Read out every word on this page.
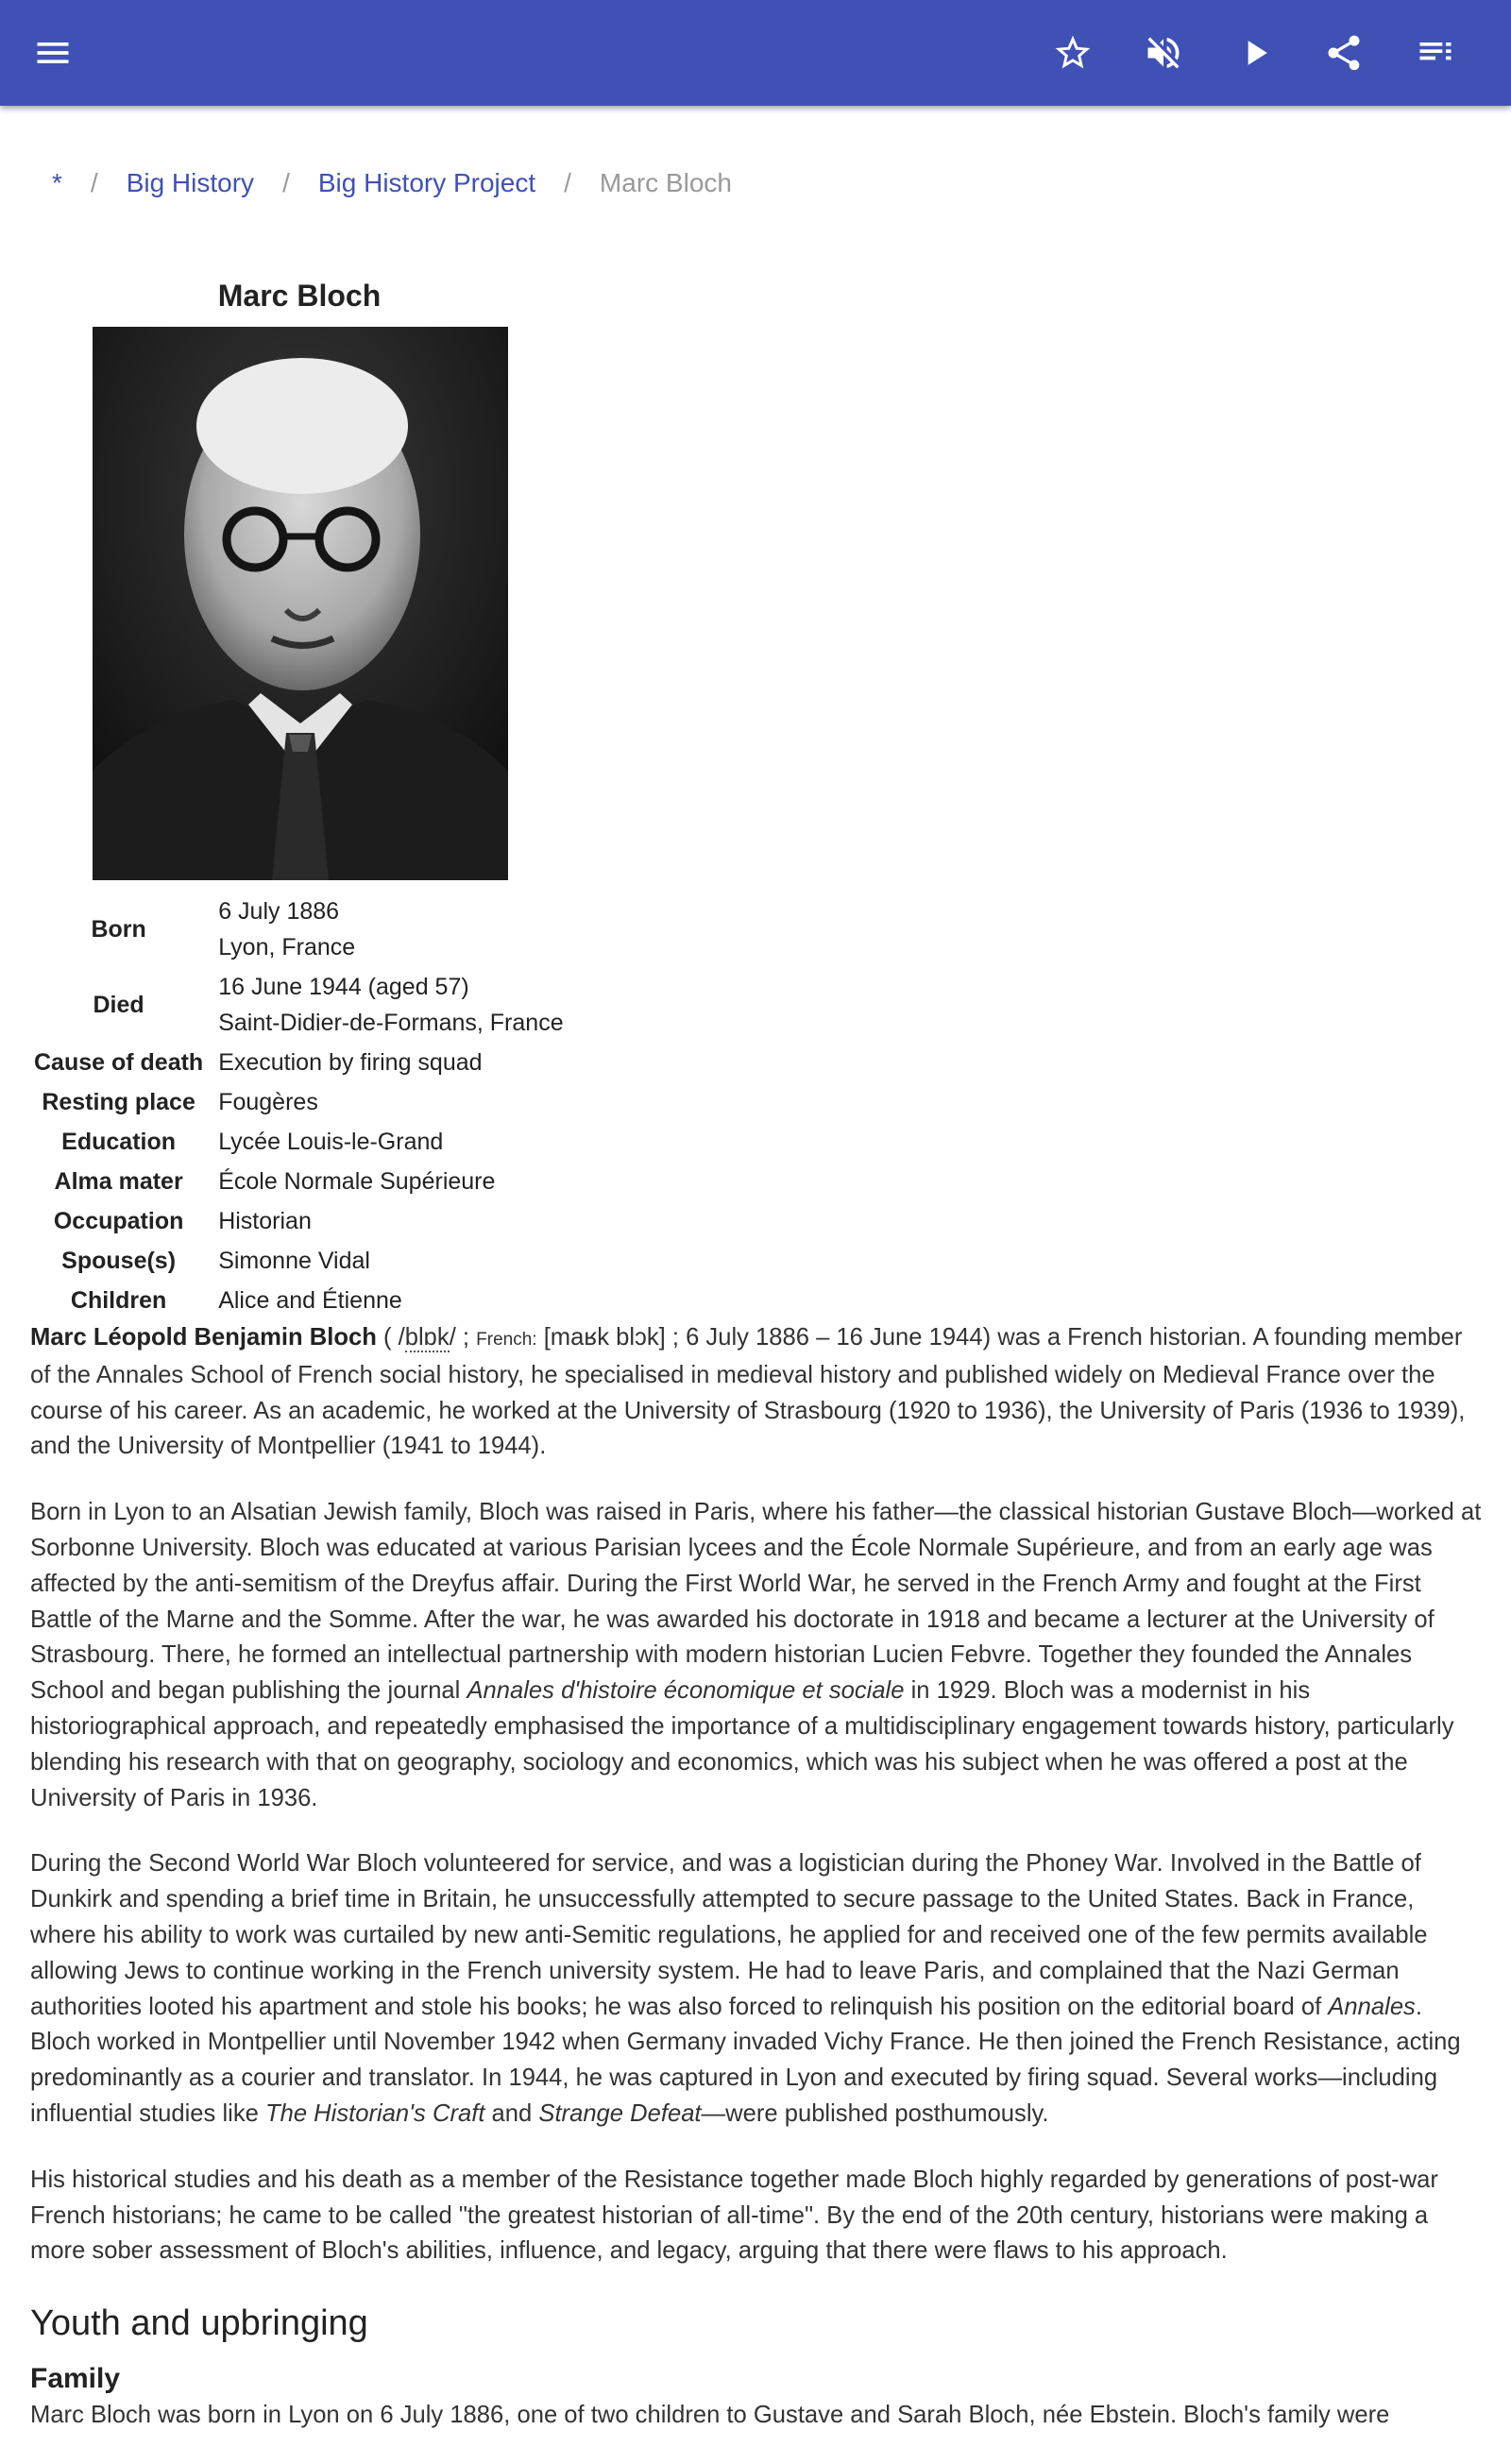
* / Big History / Big History Project / Marc Bloch
Marc Bloch
Born	6 July 1886
Lyon, France

Died	16 June 1944 (aged 57)
Saint-Didier-de-Formans, France

Cause of death	Execution by firing squad
Resting place	Fougères
Education	Lycée Louis-le-Grand
Alma mater	École Normale Supérieure
Occupation	Historian
Spouse(s)	Simonne Vidal
Children	Alice and Étienne

Marc Léopold Benjamin Bloch ( /blɒk/ ; French: [maʁk blɔk] ; 6 July 1886 – 16 June 1944) was a French historian. A founding member of the Annales School of French social history, he specialised in medieval history and published widely on Medieval France over the course of his career. As an academic, he worked at the University of Strasbourg (1920 to 1936), the University of Paris (1936 to 1939), and the University of Montpellier (1941 to 1944).

Born in Lyon to an Alsatian Jewish family, Bloch was raised in Paris, where his father—the classical historian Gustave Bloch—worked at Sorbonne University. Bloch was educated at various Parisian lycees and the École Normale Supérieure, and from an early age was affected by the anti-semitism of the Dreyfus affair. During the First World War, he served in the French Army and fought at the First Battle of the Marne and the Somme. After the war, he was awarded his doctorate in 1918 and became a lecturer at the University of Strasbourg. There, he formed an intellectual partnership with modern historian Lucien Febvre. Together they founded the Annales School and began publishing the journal Annales d'histoire économique et sociale in 1929. Bloch was a modernist in his historiographical approach, and repeatedly emphasised the importance of a multidisciplinary engagement towards history, particularly blending his research with that on geography, sociology and economics, which was his subject when he was offered a post at the University of Paris in 1936.

During the Second World War Bloch volunteered for service, and was a logistician during the Phoney War. Involved in the Battle of Dunkirk and spending a brief time in Britain, he unsuccessfully attempted to secure passage to the United States. Back in France, where his ability to work was curtailed by new anti-Semitic regulations, he applied for and received one of the few permits available allowing Jews to continue working in the French university system. He had to leave Paris, and complained that the Nazi German authorities looted his apartment and stole his books; he was also forced to relinquish his position on the editorial board of Annales. Bloch worked in Montpellier until November 1942 when Germany invaded Vichy France. He then joined the French Resistance, acting predominantly as a courier and translator. In 1944, he was captured in Lyon and executed by firing squad. Several works—including influential studies like The Historian's Craft and Strange Defeat—were published posthumously.

His historical studies and his death as a member of the Resistance together made Bloch highly regarded by generations of post-war French historians; he came to be called "the greatest historian of all-time". By the end of the 20th century, historians were making a more sober assessment of Bloch's abilities, influence, and legacy, arguing that there were flaws to his approach.

Youth and upbringing
Family

Marc Bloch was born in Lyon on 6 July 1886, one of two children to Gustave and Sarah Bloch, née Ebstein. Bloch's family were
